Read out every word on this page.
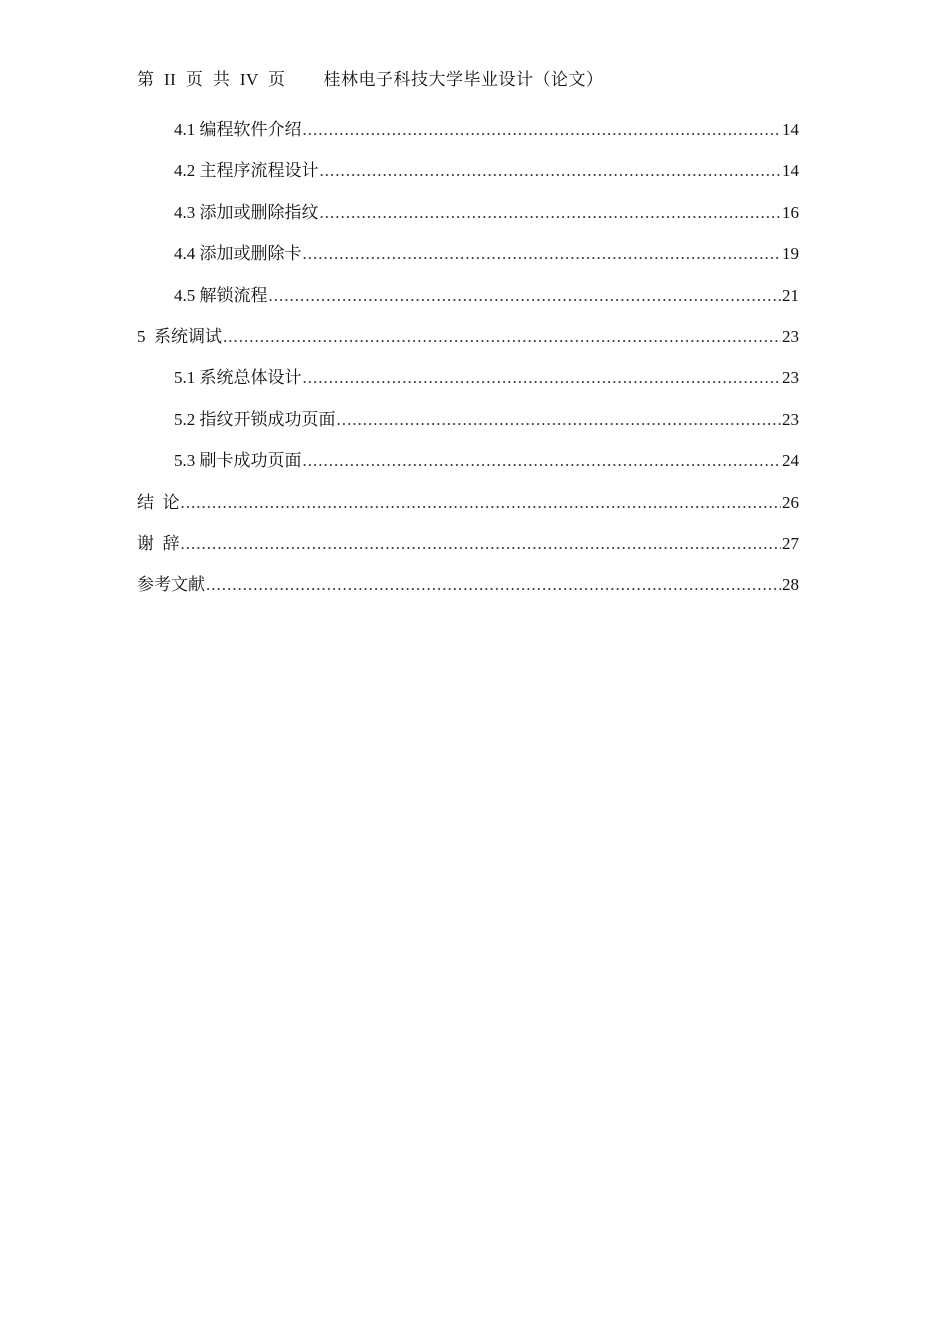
第  II  页  共  IV  页        桂林电子科技大学毕业设计（论文）
4.1 编程软件介绍 .....	14
4.2 主程序流程设计 .....	14
4.3 添加或删除指纹 .....	16
4.4 添加或删除卡 .....	19
4.5 解锁流程 .....	21
5  系统调试 .....	23
5.1 系统总体设计 .....	23
5.2 指纹开锁成功页面 .....	23
5.3 刷卡成功页面 .....	24
结  论 .....	26
谢  辞 .....	27
参考文献 .....	28
